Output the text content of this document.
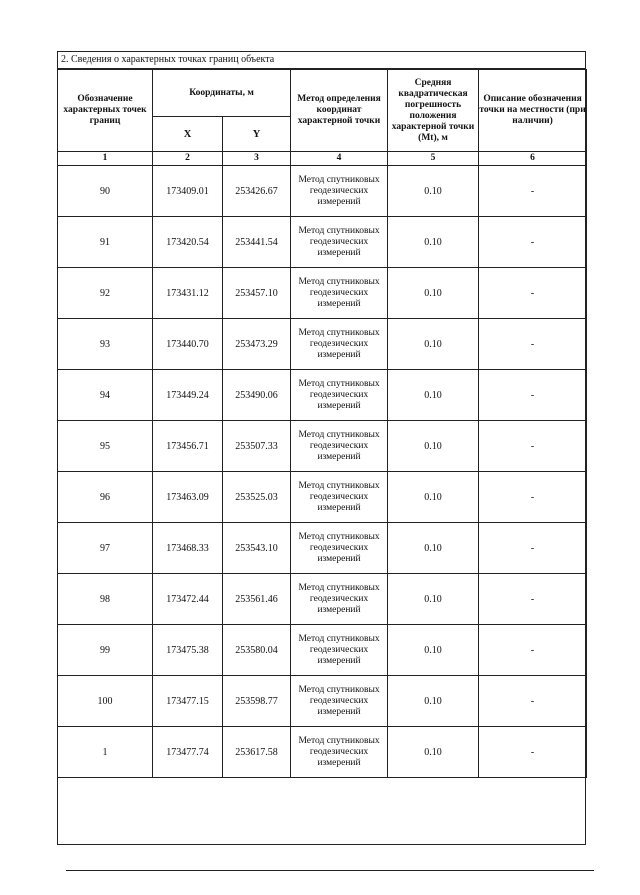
2. Сведения о характерных точках границ объекта
Обозначение характерных точек границ	Координаты, м		Метод определения координат характерной точки	Средняя квадратическая погрешность положения характерной точки (Mt), м	Описание обозначения точки на местности (при наличии)
	X	Y			
1	2	3	4	5	6
90	173409.01	253426.67	Метод спутниковых геодезических измерений	0.10	-
91	173420.54	253441.54	Метод спутниковых геодезических измерений	0.10	-
92	173431.12	253457.10	Метод спутниковых геодезических измерений	0.10	-
93	173440.70	253473.29	Метод спутниковых геодезических измерений	0.10	-
94	173449.24	253490.06	Метод спутниковых геодезических измерений	0.10	-
95	173456.71	253507.33	Метод спутниковых геодезических измерений	0.10	-
96	173463.09	253525.03	Метод спутниковых геодезических измерений	0.10	-
97	173468.33	253543.10	Метод спутниковых геодезических измерений	0.10	-
98	173472.44	253561.46	Метод спутниковых геодезических измерений	0.10	-
99	173475.38	253580.04	Метод спутниковых геодезических измерений	0.10	-
100	173477.15	253598.77	Метод спутниковых геодезических измерений	0.10	-
1	173477.74	253617.58	Метод спутниковых геодезических измерений	0.10	-
